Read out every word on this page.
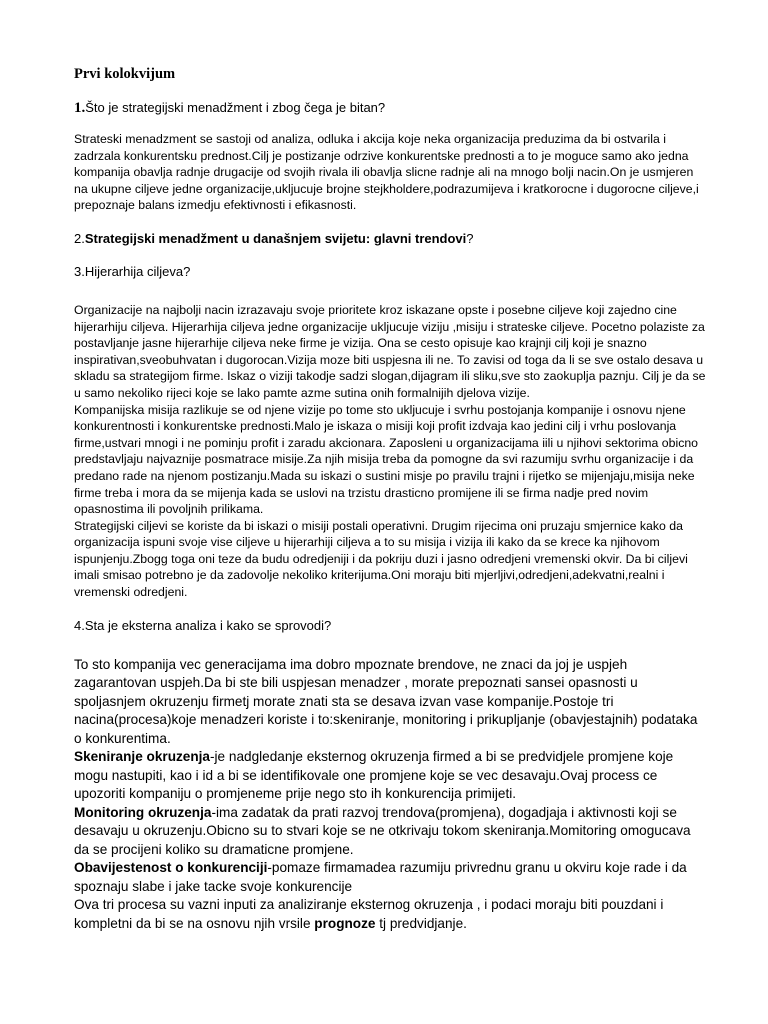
Prvi kolokvijum

1.Što je strategijski menadžment i zbog čega je bitan?

Strateski menadzment se sastoji od analiza, odluka i akcija koje neka organizacija preduzima da bi ostvarila i zadrzala konkurentsku prednost.Cilj je postizanje odrzive konkurentske prednosti a to je moguce samo ako jedna kompanija obavlja radnje drugacije od svojih rivala ili obavlja slicne radnje ali na mnogo bolji nacin.On je usmjeren na ukupne ciljeve jedne organizacije,ukljucuje brojne stejkholdere,podrazumijeva i kratkorocne i dugorocne ciljeve,i prepoznaje balans izmedju efektivnosti i efikasnosti.

2.Strategijski menadžment u današnjem svijetu: glavni trendovi?

3.Hijerarhija ciljeva?

Organizacije na najbolji nacin izrazavaju svoje prioritete kroz iskazane opste i posebne ciljeve koji zajedno cine hijerarhiju ciljeva. Hijerarhija ciljeva jedne organizacije ukljucuje viziju ,misiju i strateske ciljeve. Pocetno polaziste za postavljanje jasne hijerarhije ciljeva neke firme je vizija. Ona se cesto opisuje kao krajnji cilj koji je snazno inspirativan,sveobuhvatan i dugorocan.Vizija moze biti uspjesna ili ne. To zavisi od toga da li se sve ostalo desava u skladu sa strategijom firme. Iskaz o viziji takodje sadzi slogan,dijagram ili sliku,sve sto zaokuplja paznju. Cilj je da se u samo nekoliko rijeci koje se lako pamte azme sutina onih formalnijih djelova vizije.

Kompanijska misija razlikuje se od njene vizije po tome sto ukljucuje i svrhu postojanja kompanije i osnovu njene konkurentnosti i konkurentske prednosti.Malo je iskaza o misiji koji profit izdvaja kao jedini cilj i vrhu poslovanja firme,ustvari mnogi i ne pominju profit i zaradu akcionara. Zaposleni u organizacijama iili u njihovi sektorima obicno predstavljaju najvaznije posmatrace misije.Za njih misija treba da pomogne da svi razumiju svrhu organizacije i da predano rade na njenom postizanju.Mada su iskazi o sustini misje po pravilu trajni i rijetko se mijenjaju,misija neke firme treba i mora da se mijenja kada se uslovi na trzistu drasticno promijene ili se firma nadje pred novim opasnostima ili povoljnih prilikama.

Strategijski ciljevi se koriste da bi iskazi o misiji postali operativni. Drugim rijecima oni pruzaju smjernice kako da organizacija ispuni svoje vise ciljeve u hijerarhiji ciljeva a to su misija i vizija ili kako da se krece ka njihovom ispunjenju.Zbogg toga oni teze da budu odredjeniji i da pokriju duzi i jasno odredjeni vremenski okvir. Da bi ciljevi imali smisao potrebno je da zadovolje nekoliko kriterijuma.Oni moraju biti mjerljivi,odredjeni,adekvatni,realni i vremenski odredjeni.

4.Sta je eksterna analiza i kako se sprovodi?

To sto kompanija vec generacijama ima dobro mpoznate brendove, ne znaci da joj je uspjeh zagarantovan uspjeh.Da bi ste bili uspjesan menadzer , morate prepoznati sansei opasnosti u spoljasnjem okruzenju firmetj morate znati sta se desava izvan vase kompanije.Postoje tri nacina(procesa)koje menadzeri koriste i to:skeniranje, monitoring i prikupljanje (obavjestajnih) podataka o konkurentima.

Skeniranje okruzenja-je nadgledanje eksternog okruzenja firmed a bi se predvidjele promjene koje mogu nastupiti, kao i id a bi se identifikovale one promjene koje se vec desavaju.Ovaj process ce upozoriti kompaniju o promjeneme prije nego sto ih konkurencija primijeti.

Monitoring okruzenja-ima zadatak da prati razvoj trendova(promjena), dogadjaja i aktivnosti koji se desavaju u okruzenju.Obicno su to stvari koje se ne otkrivaju tokom skeniranja.Momitoring omogucava da se procijeni koliko su dramaticne promjene.

Obavijestenost o konkurenciji-pomaze firmamadea razumiju privrednu granu u okviru koje rade i da spoznaju slabe i jake tacke svoje konkurencije

Ova tri procesa su vazni inputi za analiziranje eksternog okruzenja , i podaci moraju biti pouzdani i kompletni da bi se na osnovu njih vrsile prognoze tj predvidjanje.
